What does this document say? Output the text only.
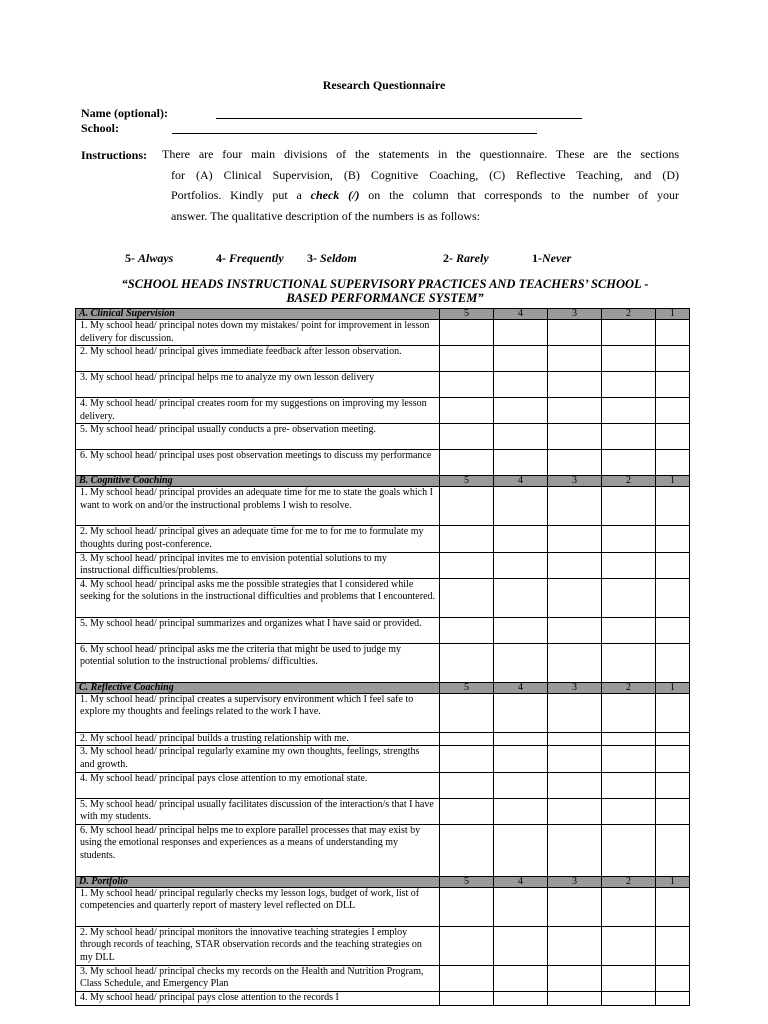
Research Questionnaire
Name (optional):
School:
Instructions: There are four main divisions of the statements in the questionnaire. These are the sections
for (A) Clinical Supervision, (B) Cognitive Coaching, (C) Reflective Teaching, and (D)
Portfolios. Kindly put a check (/) on the column that corresponds to the number of your
answer. The qualitative description of the numbers is as follows:
5- Always	4- Frequently 3- Seldom	2- Rarely	1-Never
“SCHOOL HEADS INSTRUCTIONAL SUPERVISORY PRACTICES AND TEACHERS’ SCHOOL -
BASED PERFORMANCE SYSTEM”
A. Clinical Supervision	5	4	3	2	1
1. My school head/ principal notes down my mistakes/ point for improvement in lesson delivery for discussion.					
2. My school head/ principal gives immediate feedback after lesson observation.					
3. My school head/ principal helps me to analyze my own lesson delivery					
4. My school head/ principal creates room for my suggestions on improving my lesson delivery.					
5. My school head/ principal usually conducts a pre- observation meeting.					
6. My school head/ principal uses post observation meetings to discuss my performance					
B. Cognitive Coaching	5	4	3	2	1
1. My school head/ principal provides an adequate time for me to state the goals which I want to work on and/or the instructional problems I wish to resolve.					
2. My school head/ principal gives an adequate time for me to for me to formulate my thoughts during post-conference.					
3. My school head/ principal invites me to envision potential solutions to my instructional difficulties/problems.					
4. My school head/ principal asks me the possible strategies that I considered while seeking for the solutions in the instructional difficulties and problems that I encountered.					
5. My school head/ principal summarizes and organizes what I have said or provided.					
6. My school head/ principal asks me the criteria that might be used to judge my potential solution to the instructional problems/ difficulties.					
C. Reflective Coaching	5	4	3	2	1
1. My school head/ principal creates a supervisory environment which I feel safe to explore my thoughts and feelings related to the work I have.					
2. My school head/ principal builds a trusting relationship with me.					
3. My school head/ principal regularly examine my own thoughts, feelings, strengths and growth.					
4. My school head/ principal pays close attention to my emotional state.					
5. My school head/ principal usually facilitates discussion of the interaction/s that I have with my students.					
6. My school head/ principal helps me to explore parallel processes that may exist by using the emotional responses and experiences as a means of understanding my students.					
D. Portfolio	5	4	3	2	1
1. My school head/ principal regularly checks my lesson logs, budget of work, list of competencies and quarterly report of mastery level reflected on DLL					
2. My school head/ principal monitors the innovative teaching strategies I employ through records of teaching, STAR observation records and the teaching strategies on my DLL					
3. My school head/ principal checks my records on the Health and Nutrition Program, Class Schedule, and Emergency Plan					
4. My school head/ principal pays close attention to the records I					
